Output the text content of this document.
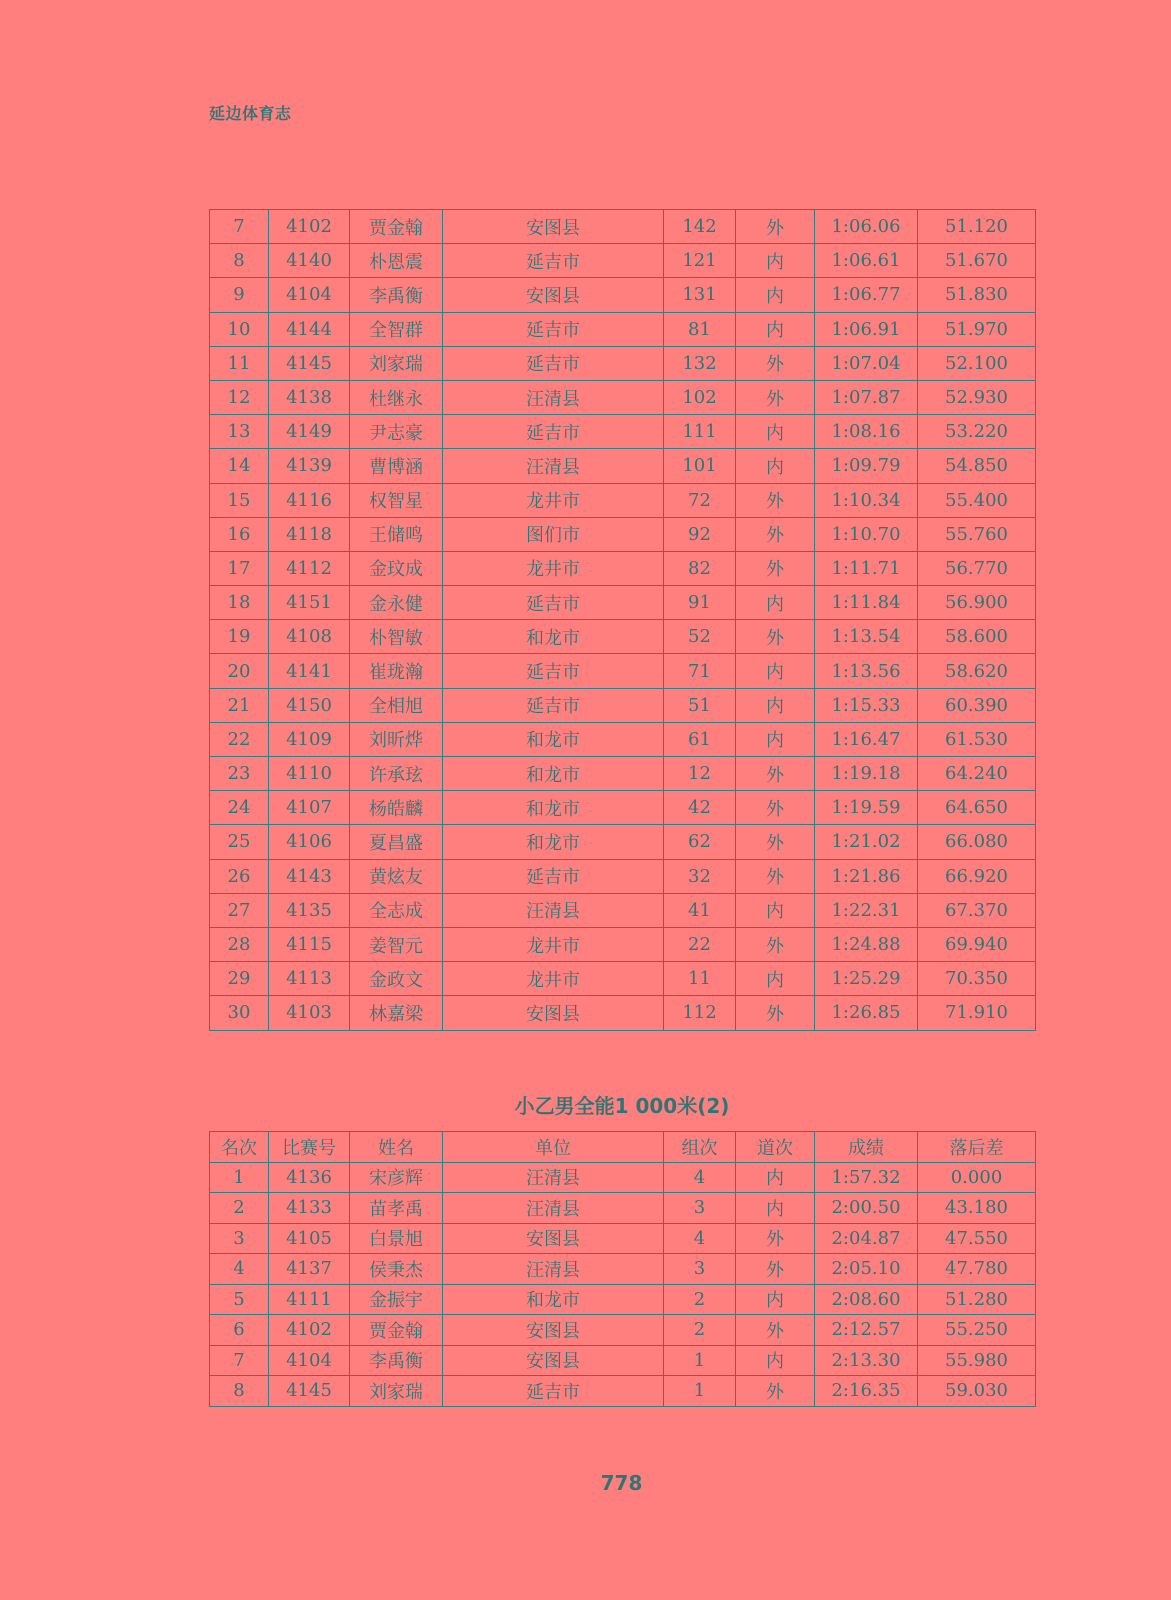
延边体育志
7	4102	贾金翰	安图县	142	外	1:06.06	51.120
8	4140	朴恩震	延吉市	121	内	1:06.61	51.670
9	4104	李禹衡	安图县	131	内	1:06.77	51.830
10	4144	全智群	延吉市	81	内	1:06.91	51.970
11	4145	刘家瑞	延吉市	132	外	1:07.04	52.100
12	4138	杜继永	汪清县	102	外	1:07.87	52.930
13	4149	尹志豪	延吉市	111	内	1:08.16	53.220
14	4139	曹博涵	汪清县	101	内	1:09.79	54.850
15	4116	权智星	龙井市	72	外	1:10.34	55.400
16	4118	王储鸣	图们市	92	外	1:10.70	55.760
17	4112	金玟成	龙井市	82	外	1:11.71	56.770
18	4151	金永健	延吉市	91	内	1:11.84	56.900
19	4108	朴智敏	和龙市	52	外	1:13.54	58.600
20	4141	崔珑瀚	延吉市	71	内	1:13.56	58.620
21	4150	全相旭	延吉市	51	内	1:15.33	60.390
22	4109	刘昕烨	和龙市	61	内	1:16.47	61.530
23	4110	许承玹	和龙市	12	外	1:19.18	64.240
24	4107	杨皓麟	和龙市	42	外	1:19.59	64.650
25	4106	夏昌盛	和龙市	62	外	1:21.02	66.080
26	4143	黄炫友	延吉市	32	外	1:21.86	66.920
27	4135	全志成	汪清县	41	内	1:22.31	67.370
28	4115	姜智元	龙井市	22	外	1:24.88	69.940
29	4113	金政文	龙井市	11	内	1:25.29	70.350
30	4103	林嘉梁	安图县	112	外	1:26.85	71.910
小乙男全能1 000米(2)
名次	比赛号	姓名	单位	组次	道次	成绩	落后差
1	4136	宋彦辉	汪清县	4	内	1:57.32	0.000
2	4133	苗孝禹	汪清县	3	内	2:00.50	43.180
3	4105	白景旭	安图县	4	外	2:04.87	47.550
4	4137	侯秉杰	汪清县	3	外	2:05.10	47.780
5	4111	金振宇	和龙市	2	内	2:08.60	51.280
6	4102	贾金翰	安图县	2	外	2:12.57	55.250
7	4104	李禹衡	安图县	1	内	2:13.30	55.980
8	4145	刘家瑞	延吉市	1	外	2:16.35	59.030
778
